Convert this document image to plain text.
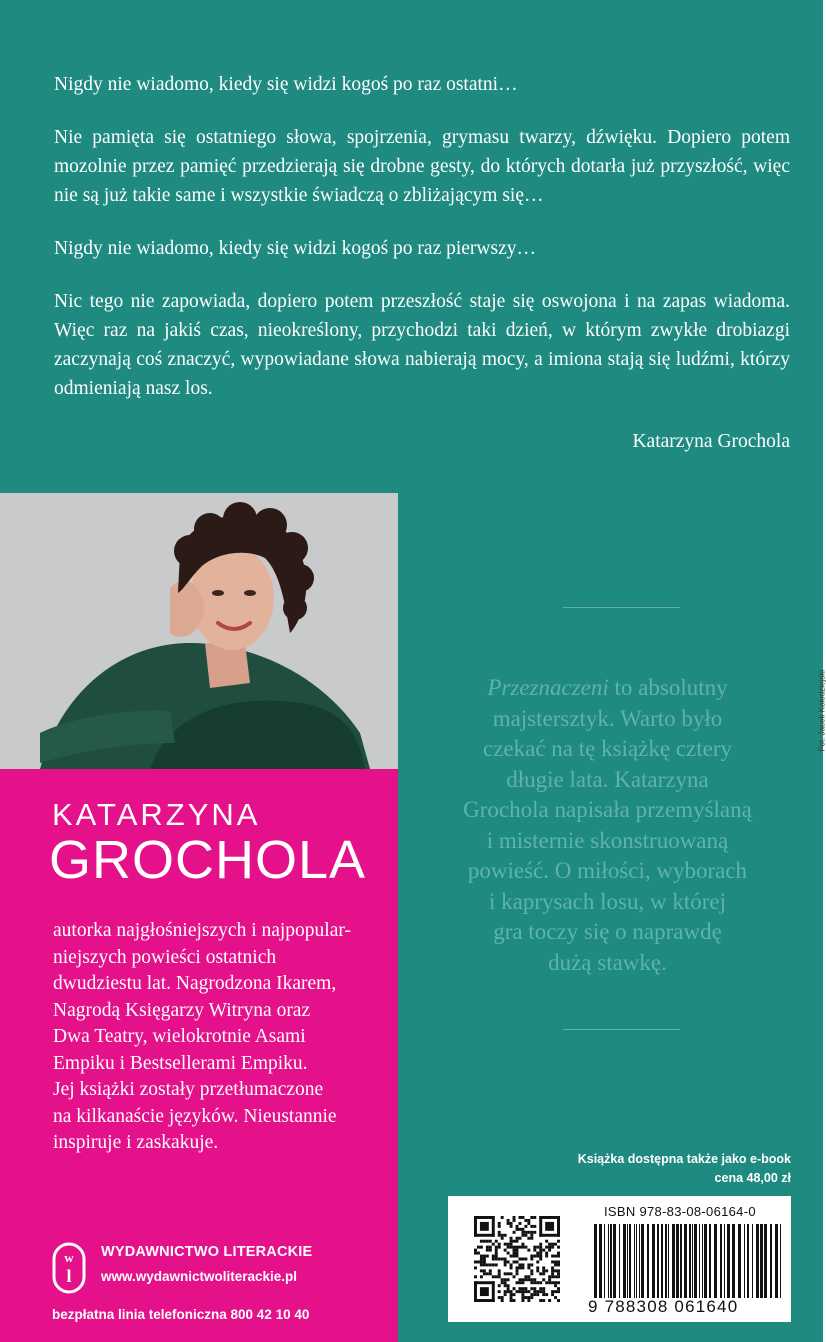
Nigdy nie wiadomo, kiedy się widzi kogoś po raz ostatni…

Nie pamięta się ostatniego słowa, spojrzenia, grymasu twarzy, dźwięku. Dopiero potem mozolnie przez pamięć przedzierają się drobne gesty, do których dotarła już przyszłość, więc nie są już takie same i wszystkie świadczą o zbliżającym się…

Nigdy nie wiadomo, kiedy się widzi kogoś po raz pierwszy…

Nic tego nie zapowiada, dopiero potem przeszłość staje się oswojona i na zapas wiadoma. Więc raz na jakiś czas, nieokreślony, przychodzi taki dzień, w którym zwykłe drobiazgi zaczynają coś znaczyć, wypowiadane słowa nabierają mocy, a imiona stają się ludźmi, którzy odmieniają nasz los.

Katarzyna Grochola

Fot. Jacek Kołodziejski
KATARZYNA
GROCHOLA
autorka najgłośniejszych i najpopular-
niejszych powieści ostatnich
dwudziestu lat. Nagrodzona Ikarem,
Nagrodą Księgarzy Witryna oraz
Dwa Teatry, wielokrotnie Asami
Empiku i Bestsellerami Empiku.
Jej książki zostały przetłumaczone
na kilkanaście języków. Nieustannie
inspiruje i zaskakuje.
w
l
WYDAWNICTWO LITERACKIE
www.wydawnictwoliterackie.pl
bezpłatna linia telefoniczna 800 42 10 40
Przeznaczeni to absolutny
majstersztyk. Warto było
czekać na tę książkę cztery
długie lata. Katarzyna
Grochola napisała przemyślaną
i misternie skonstruowaną
powieść. O miłości, wyborach
i kaprysach losu, w której
gra toczy się o naprawdę
dużą stawkę.
Książka dostępna także jako e-book
cena 48,00 zł
ISBN 978-83-08-06164-0
9 788308 061640
